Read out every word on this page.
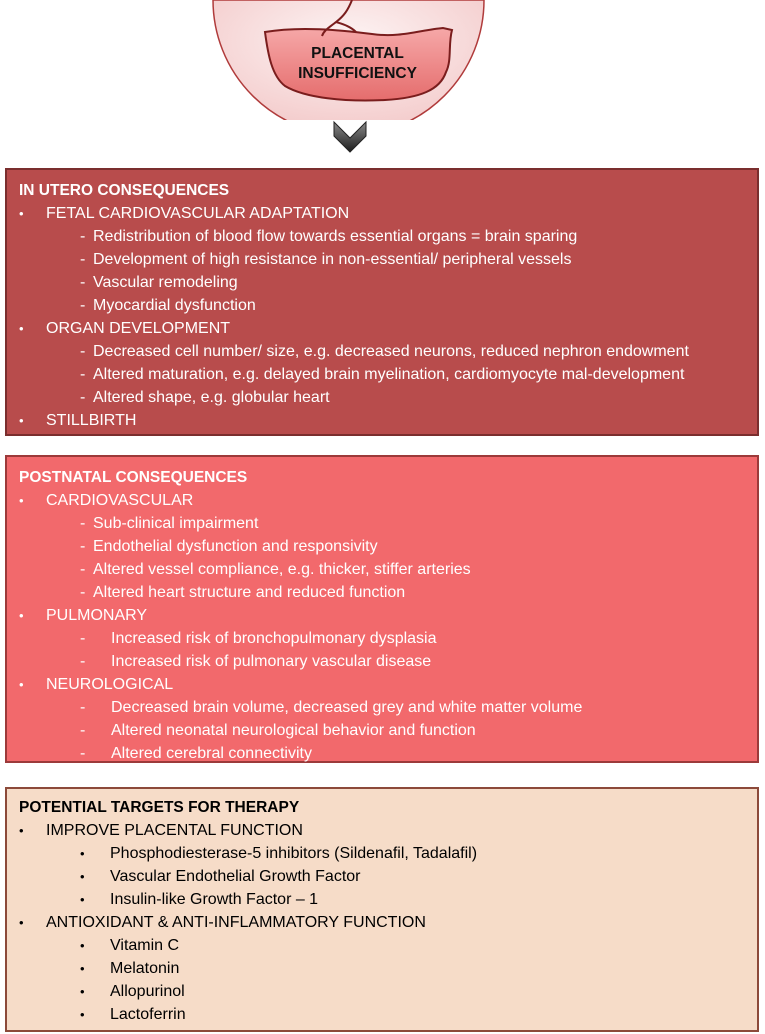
PLACENTAL
INSUFFICIENCY
IN UTERO CONSEQUENCES
• FETAL CARDIOVASCULAR ADAPTATION
- Redistribution of blood flow towards essential organs = brain sparing
- Development of high resistance in non-essential/ peripheral vessels
- Vascular remodeling
- Myocardial dysfunction
• ORGAN DEVELOPMENT
- Decreased cell number/ size, e.g. decreased neurons, reduced nephron endowment
- Altered maturation, e.g. delayed brain myelination, cardiomyocyte mal-development
- Altered shape, e.g. globular heart
• STILLBIRTH
POSTNATAL CONSEQUENCES
• CARDIOVASCULAR
- Sub-clinical impairment
- Endothelial dysfunction and responsivity
- Altered vessel compliance, e.g. thicker, stiffer arteries
- Altered heart structure and reduced function
• PULMONARY
- Increased risk of bronchopulmonary dysplasia
- Increased risk of pulmonary vascular disease
• NEUROLOGICAL
- Decreased brain volume, decreased grey and white matter volume
- Altered neonatal neurological behavior and function
- Altered cerebral connectivity
POTENTIAL TARGETS FOR THERAPY
• IMPROVE PLACENTAL FUNCTION
• Phosphodiesterase-5 inhibitors (Sildenafil, Tadalafil)
• Vascular Endothelial Growth Factor
• Insulin-like Growth Factor – 1
• ANTIOXIDANT & ANTI-INFLAMMATORY FUNCTION
• Vitamin C
• Melatonin
• Allopurinol
• Lactoferrin
